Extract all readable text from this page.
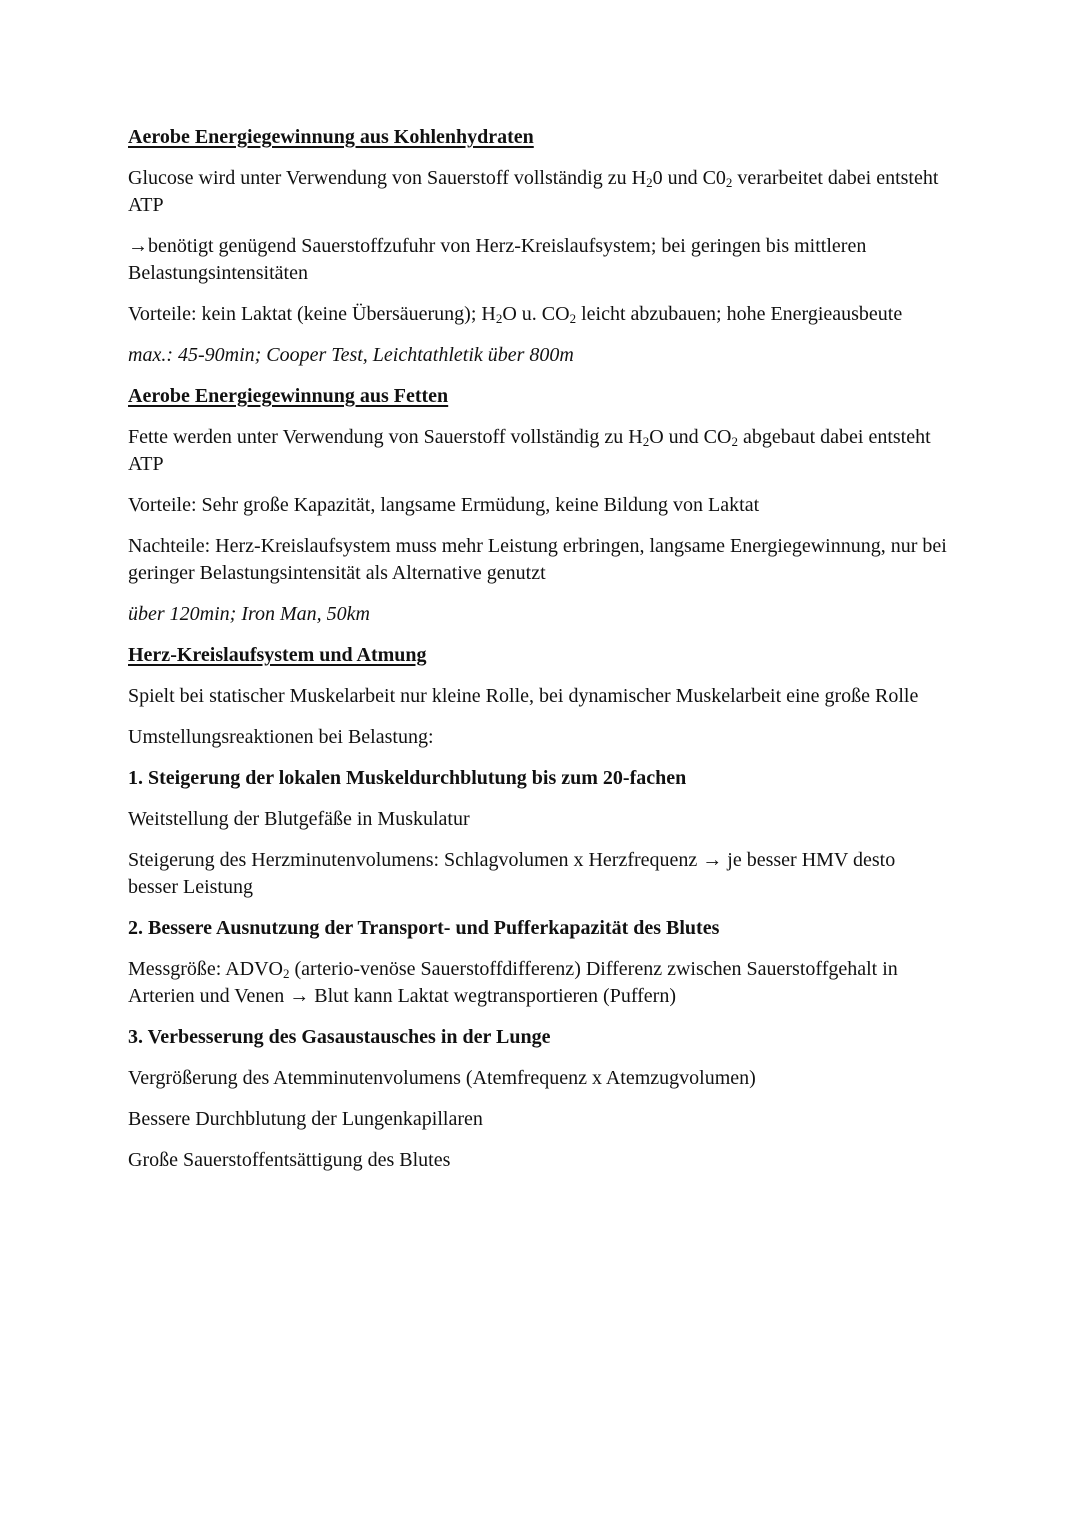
Aerobe Energiegewinnung aus Kohlenhydraten

Glucose wird unter Verwendung von Sauerstoff vollständig zu $H_20$ und $C0_2$ verarbeitet dabei entsteht ATP

→benötigt genügend Sauerstoffzufuhr von Herz-Kreislaufsystem; bei geringen bis mittleren Belastungsintensitäten

Vorteile: kein Laktat (keine Übersäuerung); $H_2O$ u. $CO_2$ leicht abzubauen; hohe Energieausbeute

max.: 45-90min; Cooper Test, Leichtathletik über 800m

Aerobe Energiegewinnung aus Fetten

Fette werden unter Verwendung von Sauerstoff vollständig zu $H_2O$ und $CO_2$ abgebaut dabei entsteht ATP

Vorteile: Sehr große Kapazität, langsame Ermüdung, keine Bildung von Laktat

Nachteile: Herz-Kreislaufsystem muss mehr Leistung erbringen, langsame Energiegewinnung, nur bei geringer Belastungsintensität als Alternative genutzt

über 120min; Iron Man, 50km

Herz-Kreislaufsystem und Atmung

Spielt bei statischer Muskelarbeit nur kleine Rolle, bei dynamischer Muskelarbeit eine große Rolle

Umstellungsreaktionen bei Belastung:

1. Steigerung der lokalen Muskeldurchblutung bis zum 20-fachen

Weitstellung der Blutgefäße in Muskulatur

Steigerung des Herzminutenvolumens: Schlagvolumen x Herzfrequenz → je besser HMV desto besser Leistung

2. Bessere Ausnutzung der Transport- und Pufferkapazität des Blutes

Messgröße: $ADVO_2$ (arterio-venöse Sauerstoffdifferenz) Differenz zwischen Sauerstoffgehalt in Arterien und Venen → Blut kann Laktat wegtransportieren (Puffern)

3. Verbesserung des Gasaustausches in der Lunge

Vergrößerung des Atemminutenvolumens (Atemfrequenz x Atemzugvolumen)

Bessere Durchblutung der Lungenkapillaren

Große Sauerstoffentsättigung des Blutes
